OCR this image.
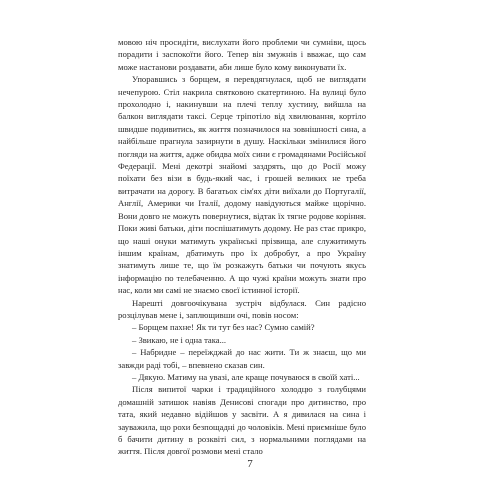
мовою ніч просидіти, вислухати його проблеми чи сумніви, щось порадити і заспокоїти його. Тепер він змужнів і вважає, що сам може настанови роздавати, аби лише було кому виконувати їх.

Упоравшись з борщем, я перевдягнулася, щоб не виглядати нечепурою. Стіл накрила святковою скатертиною. На вулиці було прохолодно і, накинувши на плечі теплу хустину, вийшла на балкон виглядати таксі. Серце тріпотіло від хвилювання, кортіло швидше подивитись, як життя позначилося на зовнішності сина, а найбільше прагнула зазирнути в душу. Наскільки змінилися його погляди на життя, адже обидва моїх сини є громадянами Російської Федерації. Мені декотрі знайомі заздрять, що до Росії можу поїхати без візи в будь-який час, і грошей великих не треба витрачати на дорогу. В багатьох сім'ях діти виїхали до Португалії, Англії, Америки чи Італії, додому навідуються майже щорічно. Вони довго не можуть повернутися, відтак їх тягне родове коріння. Поки живі батьки, діти поспішатимуть додому. Не раз стає прикро, що наші онуки матимуть українські прізвища, але служитимуть іншим країнам, дбатимуть про їх добробут, а про Україну знатимуть лише те, що їм розкажуть батьки чи почують якусь інформацію по телебаченню. А що чужі країни можуть знати про нас, коли ми самі не знаємо своєї істинної історії.

Нарешті довгоочікувана зустріч відбулася. Син радісно розцілував мене і, заплющивши очі, повів носом:

– Борщем пахне! Як ти тут без нас? Сумно самій?

– Звикаю, не і одна така...

– Набридне – переїжджай до нас жити. Ти ж знаєш, що ми завжди раді тобі, – впевнено сказав син.

– Дякую. Матиму на увазі, але краще почуваюся в своїй хаті...

Після випитої чарки і традиційного холодцю з голубцями домашній затишок навіяв Денисові спогади про дитинство, про тата, який недавно відійшов у засвіти. А я дивилася на сина і зауважила, що рохи безпощадні до чоловіків. Мені приємніше було б бачити дитину в розквіті сил, з нормальними поглядами на життя. Після довгої розмови мені стало

7
